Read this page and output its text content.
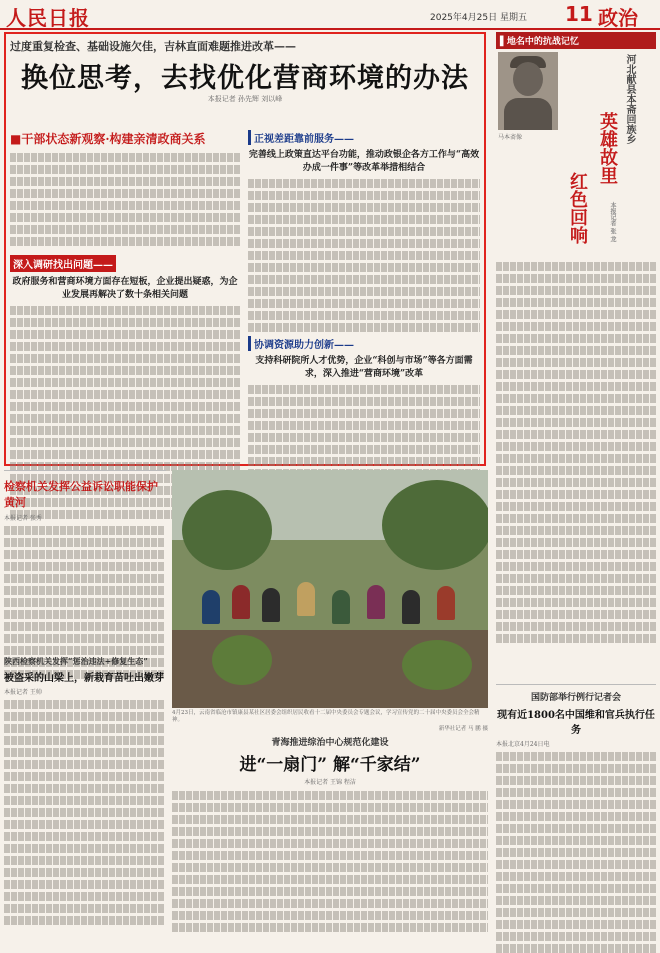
人民日报	2025年4月25日 星期五 11 政治
过度重复检查、基础设施欠佳，吉林直面难题推进改革——
换位思考，去找优化营商环境的办法
本报记者 孙先辉 刘以峰
■干部状态新观察·构建亲清政商关系
深入调研找出问题——
政府服务和营商环境方面存在短板，企业提出疑惑，为企业发展再解决了数十条相关问题
正视差距靠前服务——
完善线上政策直达平台功能，推动政银企各方工作与“高效办成一件事”等改革举措相结合
协调资源助力创新——
支持科研院所人才优势，企业“科创与市场”等各方面需求，深入推进“营商环境”改革
▌地名中的抗战记忆
马本斋像	河北献县本斋回族乡
英雄故里
红色回响	本报记者 张 龙
检察机关发挥公益诉讼职能保护黄河
本报记者 张秀
4月23日，云南省临沧市镇康县某社区居委会组织居民收看十二届中央委员会专题会议，学习宣传党的二十届中央委员会全会精神。
新华社记者 马 鹏 摄
陕西检察机关发挥“惩治违法+修复生态”
被盗采的山梁上，新栽育苗吐出嫩芽
本报记者 王帅
青海推进综治中心规范化建设
进“一扇门” 解“千家结”
本报记者 王锦 程洁
国防部举行例行记者会
现有近1800名中国维和官兵执行任务
本报北京4月24日电
